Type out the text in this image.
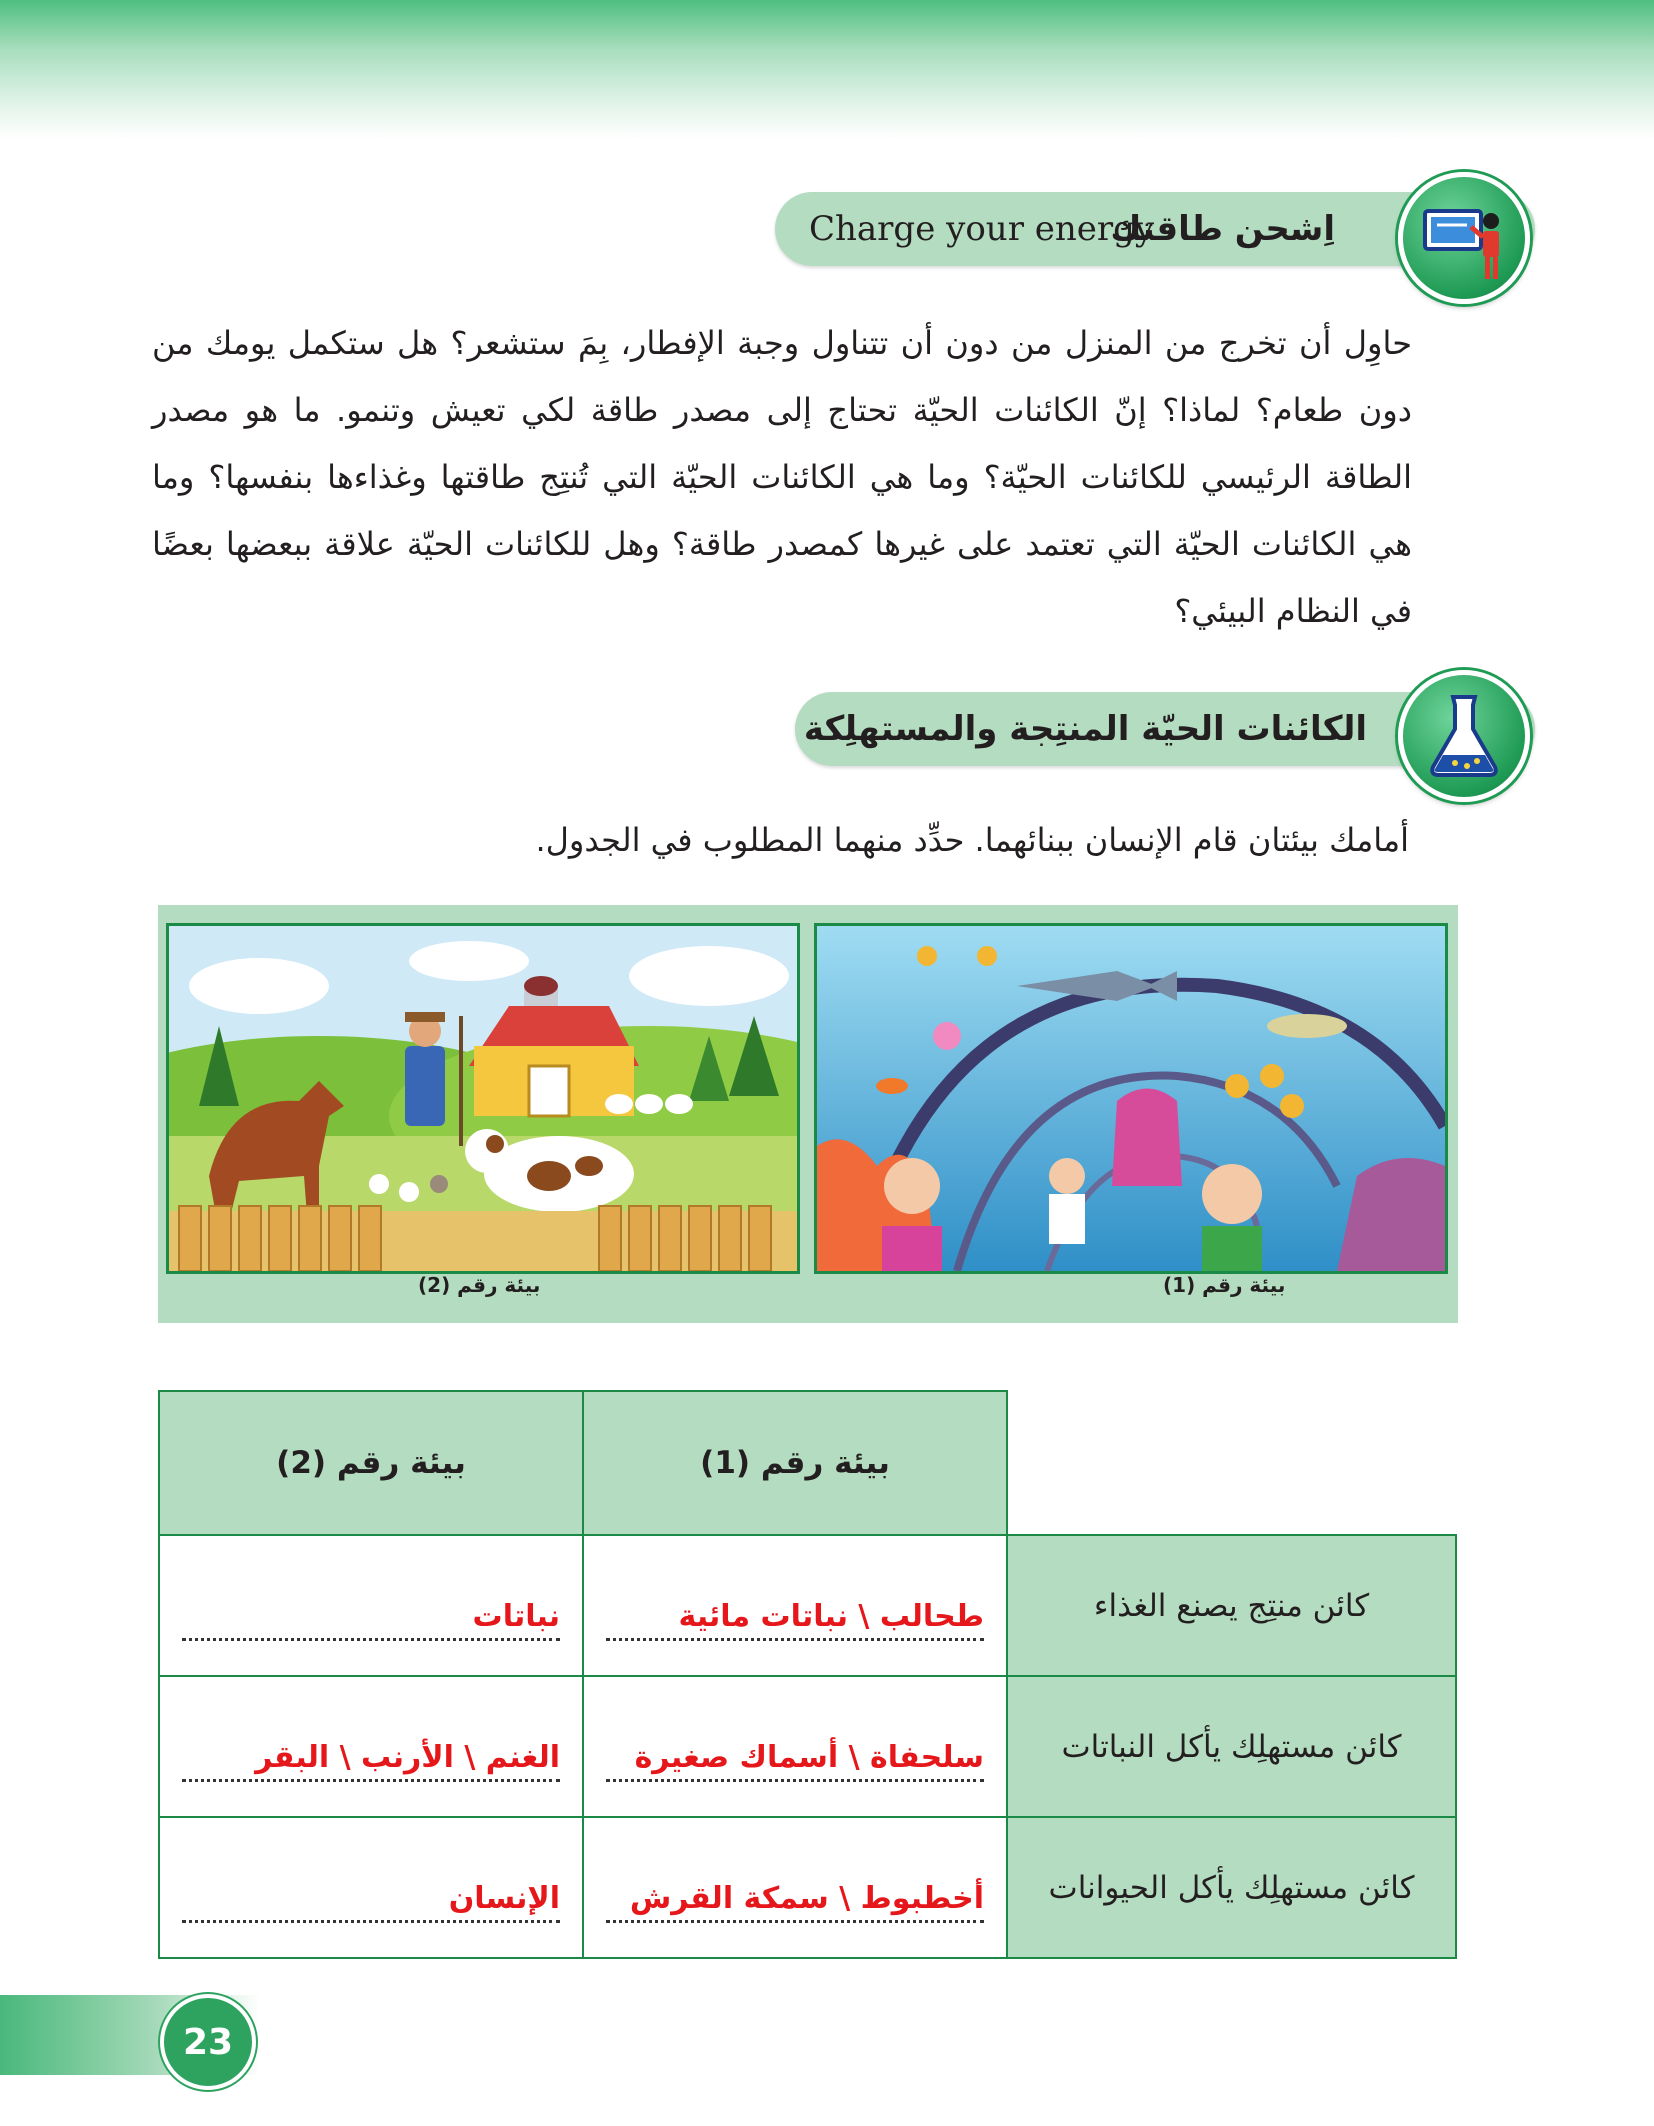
اِشحن طاقتك
Charge your energy
حاوِل أن تخرج من المنزل من دون أن تتناول وجبة الإفطار، بِمَ ستشعر؟ هل ستكمل يومك من دون طعام؟ لماذا؟ إنّ الكائنات الحيّة تحتاج إلى مصدر طاقة لكي تعيش وتنمو. ما هو مصدر الطاقة الرئيسي للكائنات الحيّة؟ وما هي الكائنات الحيّة التي تُنتِج طاقتها وغذاءها بنفسها؟ وما هي الكائنات الحيّة التي تعتمد على غيرها كمصدر طاقة؟ وهل للكائنات الحيّة علاقة ببعضها بعضًا في النظام البيئي؟
الكائنات الحيّة المنتِجة والمستهلِكة
أمامك بيئتان قام الإنسان ببنائهما. حدِّد منهما المطلوب في الجدول.
بيئة رقم (2)	بيئة رقم (1)
بيئة رقم (2)	بيئة رقم (1)
نباتات	طحالب \ نباتات مائية	كائن منتِج يصنع الغذاء
الغنم \ الأرنب \ البقر	سلحفاة \ أسماك صغيرة	كائن مستهلِك يأكل النباتات
الإنسان	أخطبوط \ سمكة القرش	كائن مستهلِك يأكل الحيوانات
23
